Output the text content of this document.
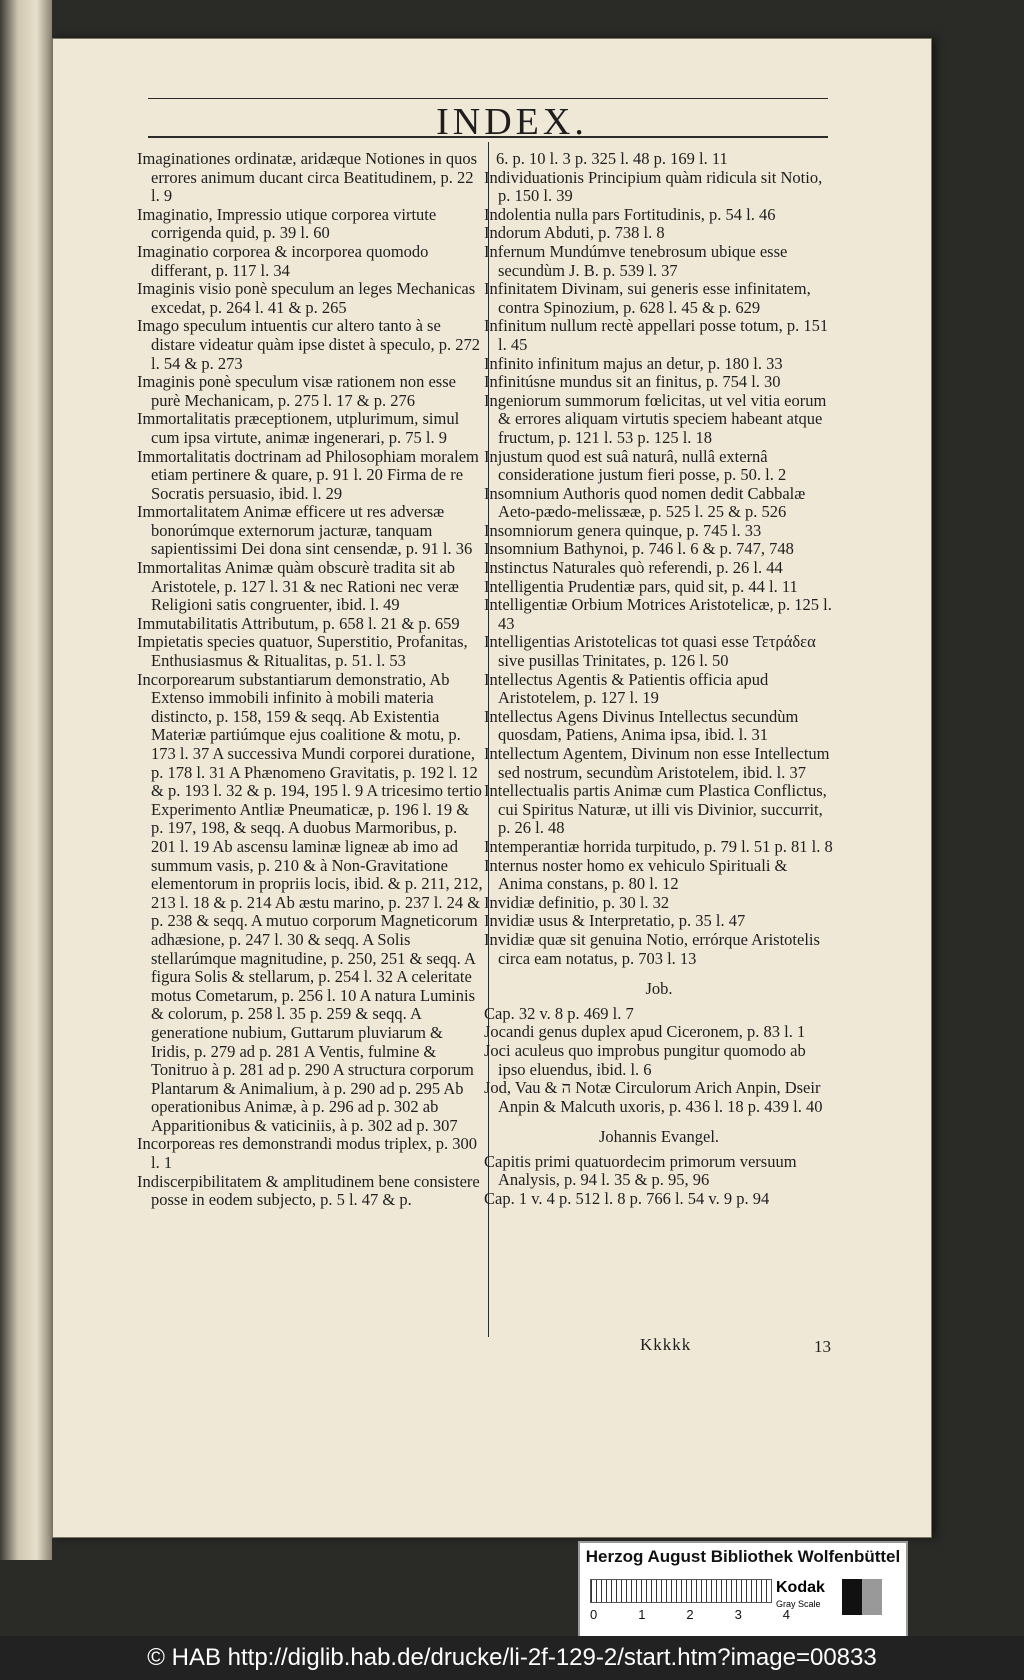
INDEX.

Imaginationes ordinatæ, aridæque Notiones in quos errores animum ducant circa Beatitudinem, p. 22 l. 9

Imaginatio, Impressio utique corporea virtute corrigenda quid, p. 39 l. 60

Imaginatio corporea & incorporea quomodo differant, p. 117 l. 34

Imaginis visio ponè speculum an leges Mechanicas excedat, p. 264 l. 41 & p. 265

Imago speculum intuentis cur altero tanto à se distare videatur quàm ipse distet à speculo, p. 272 l. 54 & p. 273

Imaginis ponè speculum visæ rationem non esse purè Mechanicam, p. 275 l. 17 & p. 276

Immortalitatis præceptionem, utplurimum, simul cum ipsa virtute, animæ ingenerari, p. 75 l. 9

Immortalitatis doctrinam ad Philosophiam moralem etiam pertinere & quare, p. 91 l. 20 Firma de re Socratis persuasio, ibid. l. 29

Immortalitatem Animæ efficere ut res adversæ bonorúmque externorum jacturæ, tanquam sapientissimi Dei dona sint censendæ, p. 91 l. 36

Immortalitas Animæ quàm obscurè tradita sit ab Aristotele, p. 127 l. 31 & nec Rationi nec veræ Religioni satis congruenter, ibid. l. 49

Immutabilitatis Attributum, p. 658 l. 21 & p. 659

Impietatis species quatuor, Superstitio, Profanitas, Enthusiasmus & Ritualitas, p. 51. l. 53

Incorporearum substantiarum demonstratio, Ab Extenso immobili infinito à mobili materia distincto, p. 158, 159 & seqq. Ab Existentia Materiæ partiúmque ejus coalitione & motu, p. 173 l. 37 A successiva Mundi corporei duratione, p. 178 l. 31 A Phænomeno Gravitatis, p. 192 l. 12 & p. 193 l. 32 & p. 194, 195 l. 9 A tricesimo tertio Experimento Antliæ Pneumaticæ, p. 196 l. 19 & p. 197, 198, & seqq. A duobus Marmoribus, p. 201 l. 19 Ab ascensu laminæ ligneæ ab imo ad summum vasis, p. 210 & à Non-Gravitatione elementorum in propriis locis, ibid. & p. 211, 212, 213 l. 18 & p. 214 Ab æstu marino, p. 237 l. 24 & p. 238 & seqq. A mutuo corporum Magneticorum adhæsione, p. 247 l. 30 & seqq. A Solis stellarúmque magnitudine, p. 250, 251 & seqq. A figura Solis & stellarum, p. 254 l. 32 A celeritate motus Cometarum, p. 256 l. 10 A natura Luminis & colorum, p. 258 l. 35 p. 259 & seqq. A generatione nubium, Guttarum pluviarum & Iridis, p. 279 ad p. 281 A Ventis, fulmine & Tonitruo à p. 281 ad p. 290 A structura corporum Plantarum & Animalium, à p. 290 ad p. 295 Ab operationibus Animæ, à p. 296 ad p. 302 ab Apparitionibus & vaticiniis, à p. 302 ad p. 307

Incorporeas res demonstrandi modus triplex, p. 300 l. 1

Indiscerpibilitatem & amplitudinem bene consistere posse in eodem subjecto, p. 5 l. 47 & p.

6. p. 10 l. 3 p. 325 l. 48 p. 169 l. 11

Individuationis Principium quàm ridicula sit Notio, p. 150 l. 39

Indolentia nulla pars Fortitudinis, p. 54 l. 46

Indorum Abduti, p. 738 l. 8

Infernum Mundúmve tenebrosum ubique esse secundùm J. B. p. 539 l. 37

Infinitatem Divinam, sui generis esse infinitatem, contra Spinozium, p. 628 l. 45 & p. 629

Infinitum nullum rectè appellari posse totum, p. 151 l. 45

Infinito infinitum majus an detur, p. 180 l. 33

Infinitúsne mundus sit an finitus, p. 754 l. 30

Ingeniorum summorum fœlicitas, ut vel vitia eorum & errores aliquam virtutis speciem habeant atque fructum, p. 121 l. 53 p. 125 l. 18

Injustum quod est suâ naturâ, nullâ externâ consideratione justum fieri posse, p. 50. l. 2

Insomnium Authoris quod nomen dedit Cabbalæ Aeto-pædo-melissææ, p. 525 l. 25 & p. 526

Insomniorum genera quinque, p. 745 l. 33

Insomnium Bathynoi, p. 746 l. 6 & p. 747, 748

Instinctus Naturales quò referendi, p. 26 l. 44

Intelligentia Prudentiæ pars, quid sit, p. 44 l. 11

Intelligentiæ Orbium Motrices Aristotelicæ, p. 125 l. 43

Intelligentias Aristotelicas tot quasi esse Τετράδεα sive pusillas Trinitates, p. 126 l. 50

Intellectus Agentis & Patientis officia apud Aristotelem, p. 127 l. 19

Intellectus Agens Divinus Intellectus secundùm quosdam, Patiens, Anima ipsa, ibid. l. 31

Intellectum Agentem, Divinum non esse Intellectum sed nostrum, secundùm Aristotelem, ibid. l. 37

Intellectualis partis Animæ cum Plastica Conflictus, cui Spiritus Naturæ, ut illi vis Divinior, succurrit, p. 26 l. 48

Intemperantiæ horrida turpitudo, p. 79 l. 51 p. 81 l. 8

Internus noster homo ex vehiculo Spirituali & Anima constans, p. 80 l. 12

Invidiæ definitio, p. 30 l. 32

Invidiæ usus & Interpretatio, p. 35 l. 47

Invidiæ quæ sit genuina Notio, errórque Aristotelis circa eam notatus, p. 703 l. 13

Job.

Cap. 32 v. 8 p. 469 l. 7

Jocandi genus duplex apud Ciceronem, p. 83 l. 1

Joci aculeus quo improbus pungitur quomodo ab ipso eluendus, ibid. l. 6

Jod, Vau & ה Notæ Circulorum Arich Anpin, Dseir Anpin & Malcuth uxoris, p. 436 l. 18 p. 439 l. 40

Johannis Evangel.

Capitis primi quatuordecim primorum versuum Analysis, p. 94 l. 35 & p. 95, 96

Cap. 1 v. 4 p. 512 l. 8 p. 766 l. 54 v. 9 p. 94

Kkkkk	13
Herzog August Bibliothek Wolfenbüttel
0	1	2	3	4
Kodak
Gray Scale
© HAB http://diglib.hab.de/drucke/li-2f-129-2/start.htm?image=00833
